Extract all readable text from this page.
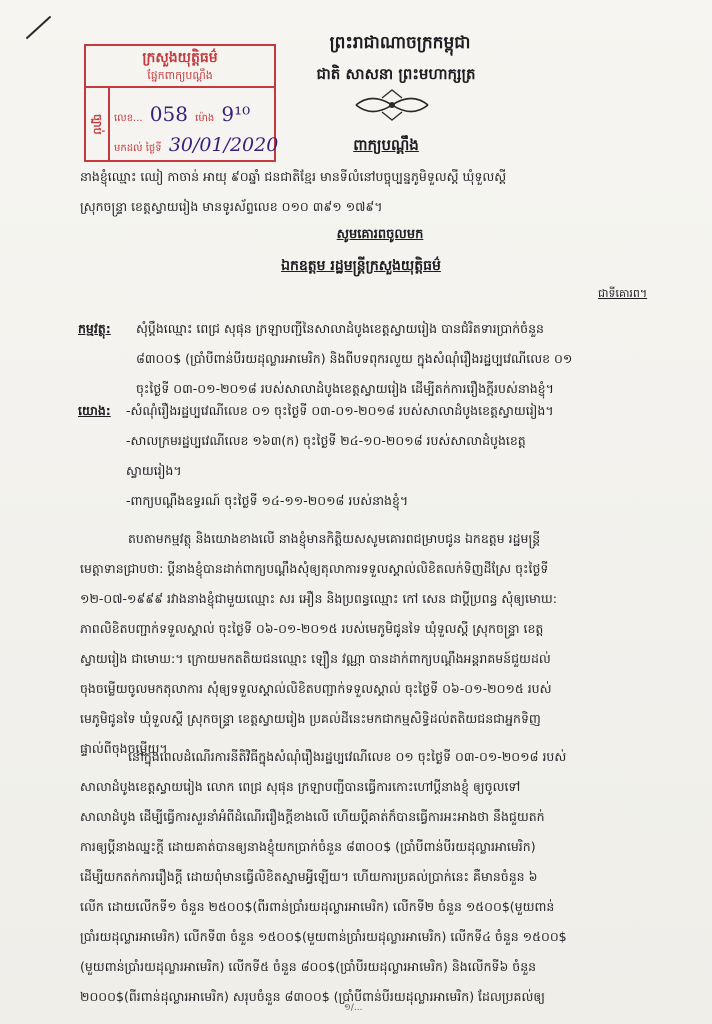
ក្រសួងយុត្តិធម៌
ផ្នែកពាក្យបណ្ដឹង
ច្បាប់	លេខ... 058 ម៉ោង 9¹⁰
មកដល់ ថ្ងៃទី 30/01/2020
ព្រះរាជាណាចក្រកម្ពុជា
ជាតិ សាសនា ព្រះមហាក្សត្រ
ពាក្យបណ្ដឹង
នាងខ្ញុំឈ្មោះ ឈៀ កាចាន់ អាយុ ៩០ឆ្នាំ ជនជាតិខ្មែរ មានទីលំនៅបច្ចុប្បន្នភូមិទួលស្ដី ឃុំទួលស្ដី
ស្រុកចន្ទ្រា ខេត្តស្វាយរៀង មានទូរស័ព្ទលេខ ០១០ ៣៩១ ១៧៩។
សូមគោរពចូលមក
ឯកឧត្តម រដ្ឋមន្ត្រីក្រសួងយុត្តិធម៌
ជាទីគោរព។
កម្មវត្ថុ: សុំប្ដឹងឈ្មោះ ពេជ្រ សុផុន ក្រឡាបញ្ជីនៃសាលាដំបូងខេត្តស្វាយរៀង បានជំរិតទារប្រាក់ចំនួន
៨៣០០$ (ប្រាំបីពាន់បីរយដុល្លារអាមេរិក) និងពីបទពុករលួយ ក្នុងសំណុំរឿងរដ្ឋប្បវេណីលេខ ០១
ចុះថ្ងៃទី ០៣-០១-២០១៨ របស់សាលាដំបូងខេត្តស្វាយរៀង ដើម្បីតក់ការរឿងក្ដីរបស់នាងខ្ញុំ។
យោង: -សំណុំរឿងរដ្ឋប្បវេណីលេខ ០១ ចុះថ្ងៃទី ០៣-០១-២០១៨ របស់សាលាដំបូងខេត្តស្វាយរៀង។
-សាលក្រមរដ្ឋប្បវេណីលេខ ១៦៣(ក) ចុះថ្ងៃទី ២៤-១០-២០១៨ របស់សាលាដំបូងខេត្ត
ស្វាយរៀង។
-ពាក្យបណ្ដឹងឧទ្ធរណ៍ ចុះថ្ងៃទី ១៤-១១-២០១៨ របស់នាងខ្ញុំ។
តបតាមកម្មវត្ថុ និងយោងខាងលើ នាងខ្ញុំមានកិត្តិយសសូមគោរពជម្រាបជូន ឯកឧត្តម រដ្ឋមន្ត្រី
មេត្តាទានជ្រាបថា: ប្ដីនាងខ្ញុំបានដាក់ពាក្យបណ្ដឹងសុំឲ្យតុលាការទទួលស្គាល់លិខិតលក់ទិញដីស្រែ ចុះថ្ងៃទី
១២-០៧-១៩៩៩ រវាងនាងខ្ញុំជាមួយឈ្មោះ សរ អឿន និងប្រពន្ធឈ្មោះ កៅ សេន ជាប្ដីប្រពន្ធ សុំឲ្យមោឃ:
ភាពលិខិតបញ្ជាក់ទទួលស្គាល់ ចុះថ្ងៃទី ០៦-០១-២០១៥ របស់មេភូមិជូនទៃ ឃុំទួលស្ដី ស្រុកចន្ទ្រា ខេត្ត
ស្វាយរៀង ជាមោឃ:។ ក្រោយមកតតិយជនឈ្មោះ ឡឿន វណ្ណា បានដាក់ពាក្យបណ្ដឹងអន្តរាគមន៍ជួយដល់
ចុងចម្លើយចូលមកតុលាការ សុំឲ្យទទួលស្គាល់លិខិតបញ្ជាក់ទទួលស្គាល់ ចុះថ្ងៃទី ០៦-០១-២០១៥ របស់
មេភូមិជូនទៃ ឃុំទួលស្ដី ស្រុកចន្ទ្រា ខេត្តស្វាយរៀង ប្រគល់ដីនេះមកជាកម្មសិទ្ធិដល់តតិយជនជាអ្នកទិញ
ផ្ទាល់ពីចុងចម្លើយ។
នៅក្នុងពេលដំណើរការនីតិវិធីក្នុងសំណុំរឿងរដ្ឋប្បវេណីលេខ ០១ ចុះថ្ងៃទី ០៣-០១-២០១៨ របស់
សាលាដំបូងខេត្តស្វាយរៀង លោក ពេជ្រ សុផុន ក្រឡាបញ្ជីបានធ្វើការកោះហៅប្ដីនាងខ្ញុំ ឲ្យចូលទៅ
សាលាដំបូង ដើម្បីធ្វើការសួរនាំអំពីដំណើររឿងក្ដីខាងលើ ហើយប្ដីគាត់ក៏បានធ្វើការអះអាងថា នឹងជួយតក់
ការឲ្យប្ដីនាងឈ្នះក្ដី ដោយគាត់បានឲ្យនាងខ្ញុំយកប្រាក់ចំនួន ៨៣០០$ (ប្រាំបីពាន់បីរយដុល្លារអាមេរិក)
ដើម្បីយកតក់ការរឿងក្ដី ដោយពុំមានធ្វើលិខិតស្នាមអ្វីឡើយ។ ហើយការប្រគល់ប្រាក់នេះ គឺមានចំនួន ៦
លើក ដោយលើកទី១ ចំនួន ២៥០០$(ពីរពាន់ប្រាំរយដុល្លារអាមេរិក) លើកទី២ ចំនួន ១៥០០$(មួយពាន់
ប្រាំរយដុល្លារអាមេរិក) លើកទី៣ ចំនួន ១៥០០$(មួយពាន់ប្រាំរយដុល្លារអាមេរិក) លើកទី៤ ចំនួន ១៥០០$
(មួយពាន់ប្រាំរយដុល្លារអាមេរិក) លើកទី៥ ចំនួន ៨០០$(ប្រាំបីរយដុល្លារអាមេរិក) និងលើកទី៦ ចំនួន
២០០០$(ពីរពាន់ដុល្លារអាមេរិក) សរុបចំនួន ៨៣០០$ (ប្រាំបីពាន់បីរយដុល្លារអាមេរិក) ដែលប្រគល់ឲ្យ
១/...
